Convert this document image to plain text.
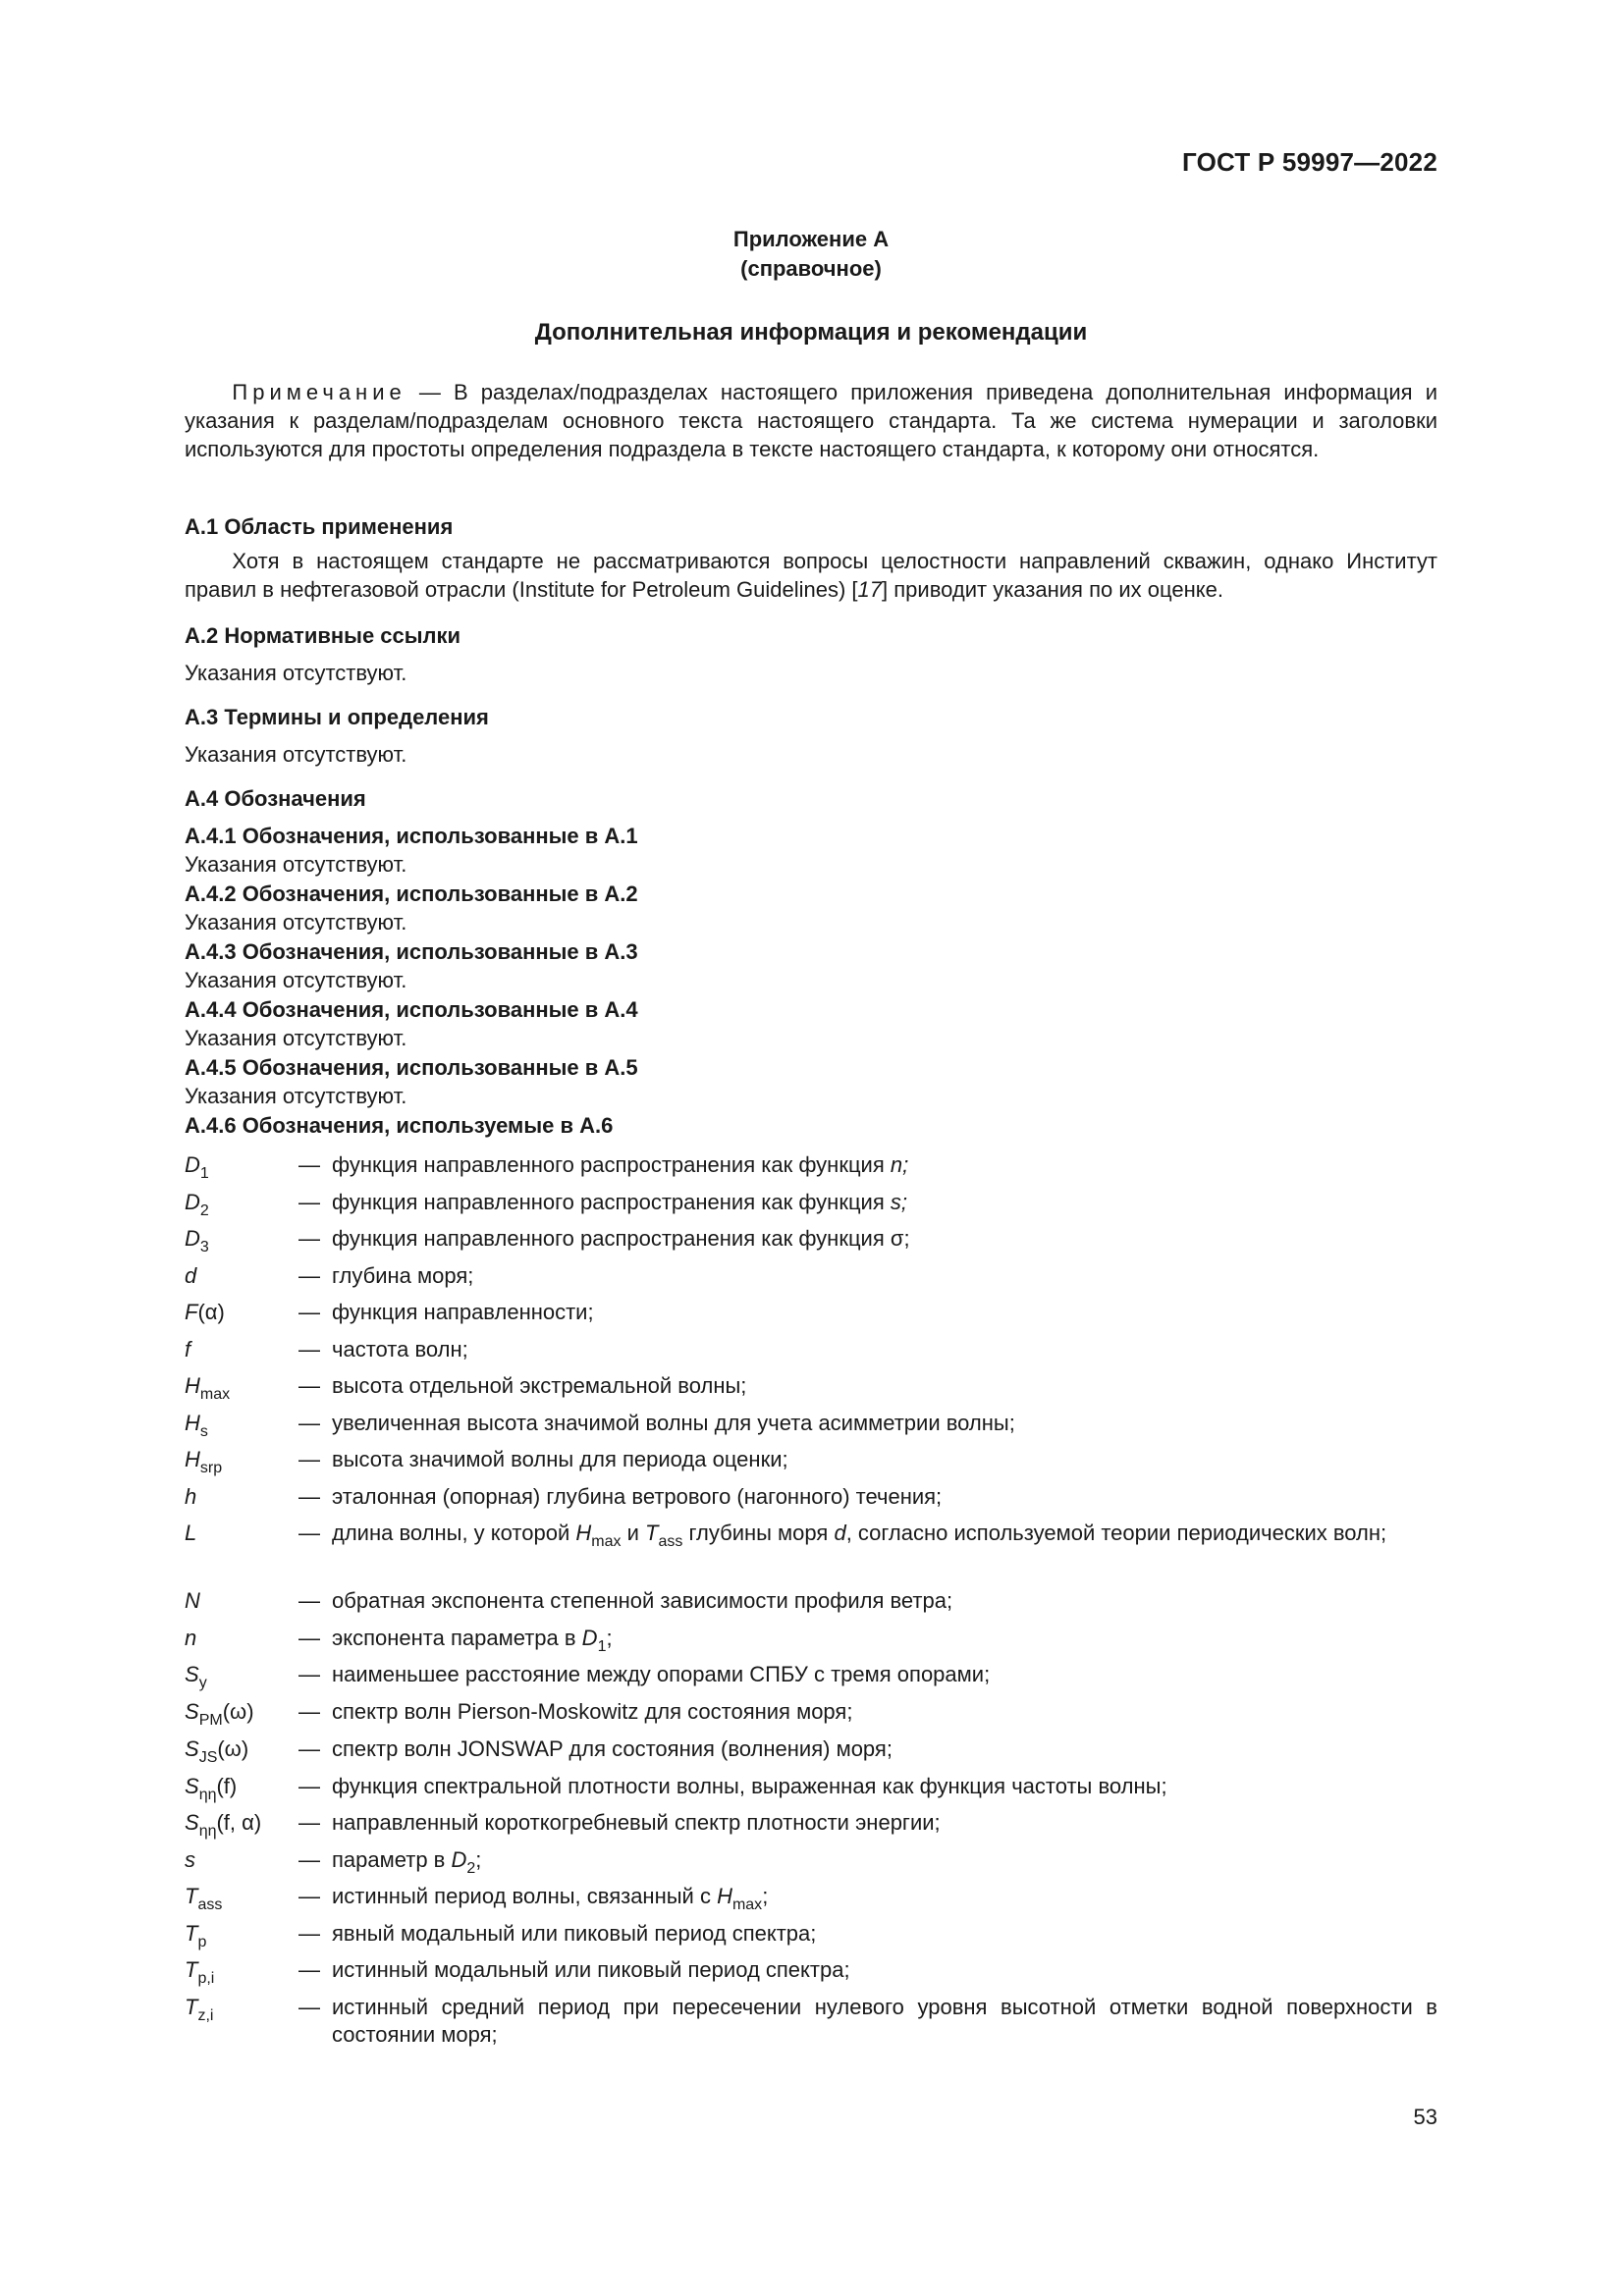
ГОСТ Р 59997—2022
Приложение А
(справочное)
Дополнительная информация и рекомендации
Примечание — В разделах/подразделах настоящего приложения приведена дополнительная информация и указания к разделам/подразделам основного текста настоящего стандарта. Та же система нумерации и заголовки используются для простоты определения подраздела в тексте настоящего стандарта, к которому они относятся.
А.1 Область применения
Хотя в настоящем стандарте не рассматриваются вопросы целостности направлений скважин, однако Институт правил в нефтегазовой отрасли (Institute for Petroleum Guidelines) [17] приводит указания по их оценке.
А.2 Нормативные ссылки
Указания отсутствуют.
А.3 Термины и определения
Указания отсутствуют.
А.4 Обозначения
А.4.1 Обозначения, использованные в А.1
Указания отсутствуют.
А.4.2 Обозначения, использованные в А.2
Указания отсутствуют.
А.4.3 Обозначения, использованные в А.3
Указания отсутствуют.
А.4.4 Обозначения, использованные в А.4
Указания отсутствуют.
А.4.5 Обозначения, использованные в А.5
Указания отсутствуют.
А.4.6 Обозначения, используемые в А.6
$D_1$	— функция направленного распространения как функция n;
$D_2$	— функция направленного распространения как функция s;
$D_3$	— функция направленного распространения как функция σ;
d	— глубина моря;
F(α)	— функция направленности;
f	— частота волн;
$H_{max}$	— высота отдельной экстремальной волны;
$H_s$	— увеличенная высота значимой волны для учета асимметрии волны;
$H_{srp}$	— высота значимой волны для периода оценки;
h	— эталонная (опорная) глубина ветрового (нагонного) течения;
L	— длина волны, у которой $H_{max}$ и $T_{ass}$ глубины моря d, согласно используемой теории периодических волн;
N	— обратная экспонента степенной зависимости профиля ветра;
n	— экспонента параметра в $D_1$;
$S_y$	— наименьшее расстояние между опорами СПБУ с тремя опорами;
$S_{PM}(\omega)$	— спектр волн Pierson-Moskowitz для состояния моря;
$S_{JS}(\omega)$	— спектр волн JONSWAP для состояния (волнения) моря;
$S_{\eta\eta}(f)$	— функция спектральной плотности волны, выраженная как функция частоты волны;
$S_{\eta\eta}(f$, α)	— направленный короткогребневый спектр плотности энергии;
s	— параметр в $D_2$;
$T_{ass}$	— истинный период волны, связанный с $H_{max}$;
$T_p$	— явный модальный или пиковый период спектра;
$T_{p,i}$	— истинный модальный или пиковый период спектра;
$T_{z,i}$	— истинный средний период при пересечении нулевого уровня высотной отметки водной поверхности в состоянии моря;
53
